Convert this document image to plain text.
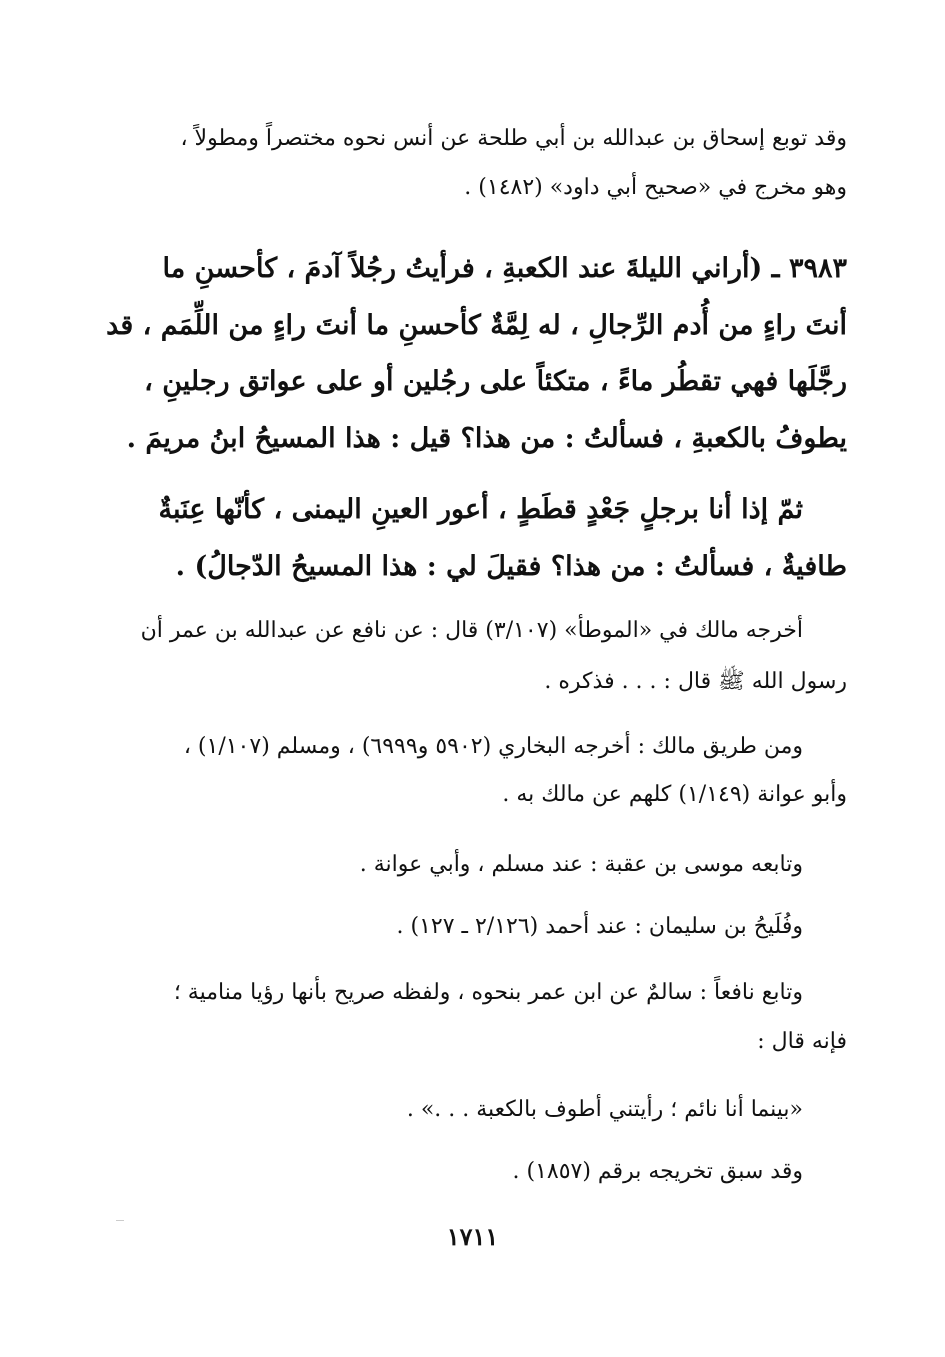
وقد توبع إسحاق بن عبدالله بن أبي طلحة عن أنس نحوه مختصراً ومطولاً ،
وهو مخرج في «صحيح أبي داود» (١٤٨٢) .
٣٩٨٣ ـ (أراني الليلةَ عند الكعبةِ ، فرأيتُ رجُلاً آدمَ ، كأحسنِ ما
أنتَ راءٍ من أُدم الرِّجالِ ، له لِمَّةٌ كأحسنِ ما أنتَ راءٍ من اللِّمَم ، قد
رجَّلَها فهي تقطُر ماءً ، متكئاً على رجُلين أو على عواتق رجلينِ ،
يطوفُ بالكعبةِ ، فسألتُ : من هذا؟ قيل : هذا المسيحُ ابنُ مريمَ .
ثمّ إذا أنا برجلٍ جَعْدٍ قطَطٍ ، أعور العينِ اليمنى ، كأنّها عِنَبةٌ
طافيةٌ ، فسألتُ : من هذا؟ فقيلَ لي : هذا المسيحُ الدّجالُ) .
أخرجه مالك في «الموطأ» (٣/١٠٧) قال : عن نافع عن عبدالله بن عمر أن
رسول الله ﷺ قال : . . . فذكره .
ومن طريق مالك : أخرجه البخاري (٥٩٠٢ و٦٩٩٩) ، ومسلم (١/١٠٧) ،
وأبو عوانة (١/١٤٩) كلهم عن مالك به .
وتابعه موسى بن عقبة : عند مسلم ، وأبي عوانة .
وفُلَيحُ بن سليمان : عند أحمد (٢/١٢٦ ـ ١٢٧) .
وتابع نافعاً : سالمٌ عن ابن عمر بنحوه ، ولفظه صريح بأنها رؤيا منامية ؛
فإنه قال :
«بينما أنا نائم ؛ رأيتني أطوف بالكعبة . . .» .
وقد سبق تخريجه برقم (١٨٥٧) .
١٧١١
